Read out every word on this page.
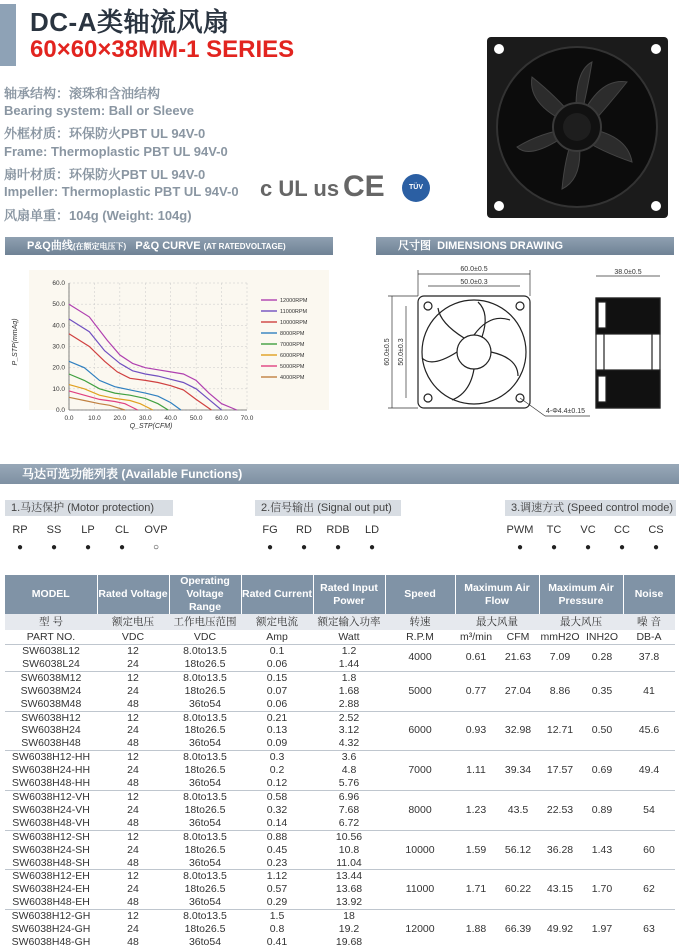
DC-A类轴流风扇
60×60×38MM-1 SERIES
轴承结构：滚珠和含油结构
Bearing system: Ball or Sleeve
外框材质：环保防火PBT UL 94V-0
Frame: Thermoplastic PBT UL 94V-0
扇叶材质：环保防火PBT UL 94V-0
Impeller: Thermoplastic PBT UL 94V-0
风扇单重：104g (Weight: 104g)
c UL us CE	TÜV
P&Q曲线(在额定电压下) P&Q CURVE (AT RATEDVOLTAGE)	尺寸图 DIMENSIONS DRAWING
0.0 10.0 20.0 30.0 40.0 50.0 60.0 70.0
0.0
10.0
20.0
30.0
40.0
50.0
60.0
12000RPM
11000RPM
10000RPM
8000RPM
7000RPM
6000RPM
5000RPM
4000RPM
Q_STP(CFM)
P_STP(mmAq)
60.0±0.5
50.0±0.3
38.0±0.5
60.0±0.5 50.0±0.3
4-Φ4.4±0.15
马达可选功能列表 (Available Functions)
1.马达保护 (Motor protection)	2.信号输出 (Signal out put)	3.调速方式 (Speed control mode)
RP	SS	LP	CL	OVP
●	●	●	●	○
FG	RD	RDB	LD
●	●	●	●
PWM	TC	VC	CC	CS
●	●	●	●	●
MODEL	Rated Voltage	Operating Voltage Range	Rated Current	Rated Input Power	Speed	Maximum Air Flow		Maximum Air Pressure		Noise
型 号	额定电压	工作电压范围	额定电流	额定输入功率	转速	最大风量		最大风压		噪 音
PART NO.	VDC	VDC	Amp	Watt	R.P.M	m³/min	CFM	mmH2O	INH2O	DB-A
SW6038L12	12	8.0to13.5	0.1	1.2	4000	0.61	21.63	7.09	0.28	37.8
SW6038L24	24	18to26.5	0.06	1.44						
SW6038M12	12	8.0to13.5	0.15	1.8	5000	0.77	27.04	8.86	0.35	41
SW6038M24	24	18to26.5	0.07	1.68						
SW6038M48	48	36to54	0.06	2.88						
SW6038H12	12	8.0to13.5	0.21	2.52	6000	0.93	32.98	12.71	0.50	45.6
SW6038H24	24	18to26.5	0.13	3.12						
SW6038H48	48	36to54	0.09	4.32						
SW6038H12-HH	12	8.0to13.5	0.3	3.6	7000	1.11	39.34	17.57	0.69	49.4
SW6038H24-HH	24	18to26.5	0.2	4.8						
SW6038H48-HH	48	36to54	0.12	5.76						
SW6038H12-VH	12	8.0to13.5	0.58	6.96	8000	1.23	43.5	22.53	0.89	54
SW6038H24-VH	24	18to26.5	0.32	7.68						
SW6038H48-VH	48	36to54	0.14	6.72						
SW6038H12-SH	12	8.0to13.5	0.88	10.56	10000	1.59	56.12	36.28	1.43	60
SW6038H24-SH	24	18to26.5	0.45	10.8						
SW6038H48-SH	48	36to54	0.23	11.04						
SW6038H12-EH	12	8.0to13.5	1.12	13.44	11000	1.71	60.22	43.15	1.70	62
SW6038H24-EH	24	18to26.5	0.57	13.68						
SW6038H48-EH	48	36to54	0.29	13.92						
SW6038H12-GH	12	8.0to13.5	1.5	18	12000	1.88	66.39	49.92	1.97	63
SW6038H24-GH	24	18to26.5	0.8	19.2						
SW6038H48-GH	48	36to54	0.41	19.68						
